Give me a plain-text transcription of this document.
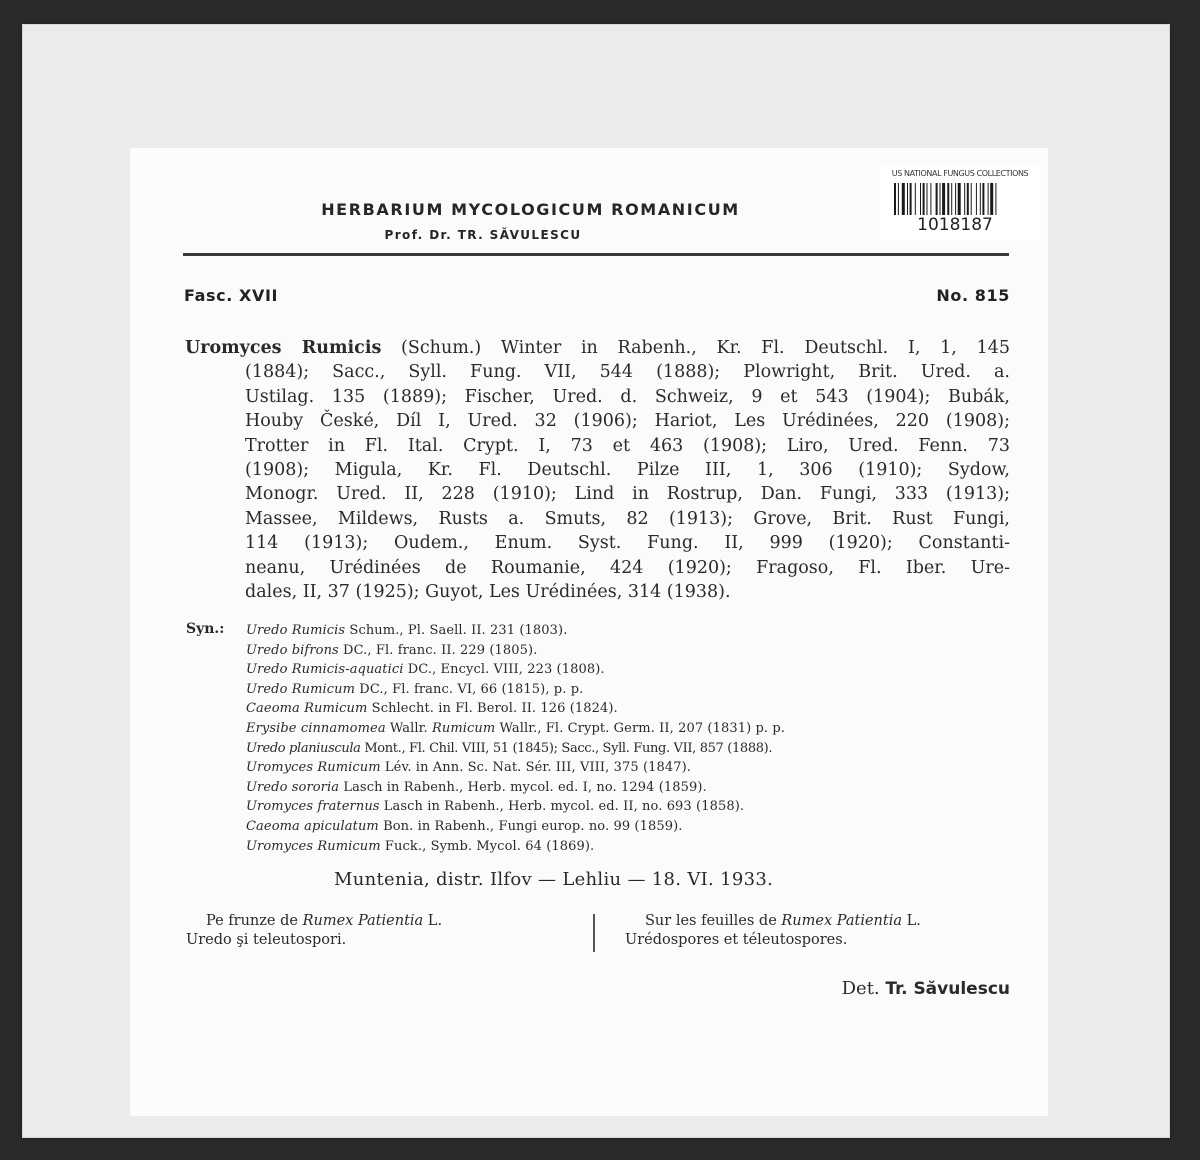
US NATIONAL FUNGUS COLLECTIONS
1018187
HERBARIUM MYCOLOGICUM ROMANICUM
Prof. Dr. TR. SĂVULESCU
Fasc. XVII	No. 815
Uromyces Rumicis (Schum.) Winter in Rabenh., Kr. Fl. Deutschl. I, 1, 145
(1884); Sacc., Syll. Fung. VII, 544 (1888); Plowright, Brit. Ured. a.
Ustilag. 135 (1889); Fischer, Ured. d. Schweiz, 9 et 543 (1904); Bubák,
Houby České, Díl I, Ured. 32 (1906); Hariot, Les Urédinées, 220 (1908);
Trotter in Fl. Ital. Crypt. I, 73 et 463 (1908); Liro, Ured. Fenn. 73
(1908); Migula, Kr. Fl. Deutschl. Pilze III, 1, 306 (1910); Sydow,
Monogr. Ured. II, 228 (1910); Lind in Rostrup, Dan. Fungi, 333 (1913);
Massee, Mildews, Rusts a. Smuts, 82 (1913); Grove, Brit. Rust Fungi,
114 (1913); Oudem., Enum. Syst. Fung. II, 999 (1920); Constanti-
neanu, Urédinées de Roumanie, 424 (1920); Fragoso, Fl. Iber. Ure-
dales, II, 37 (1925); Guyot, Les Urédinées, 314 (1938).
Syn.: Uredo Rumicis Schum., Pl. Saell. II. 231 (1803).
Uredo bifrons DC., Fl. franc. II. 229 (1805).
Uredo Rumicis-aquatici DC., Encycl. VIII, 223 (1808).
Uredo Rumicum DC., Fl. franc. VI, 66 (1815), p. p.
Caeoma Rumicum Schlecht. in Fl. Berol. II. 126 (1824).
Erysibe cinnamomea Wallr. Rumicum Wallr., Fl. Crypt. Germ. II, 207 (1831) p. p.
Uredo planiuscula Mont., Fl. Chil. VIII, 51 (1845); Sacc., Syll. Fung. VII, 857 (1888).
Uromyces Rumicum Lév. in Ann. Sc. Nat. Sér. III, VIII, 375 (1847).
Uredo sororia Lasch in Rabenh., Herb. mycol. ed. I, no. 1294 (1859).
Uromyces fraternus Lasch in Rabenh., Herb. mycol. ed. II, no. 693 (1858).
Caeoma apiculatum Bon. in Rabenh., Fungi europ. no. 99 (1859).
Uromyces Rumicum Fuck., Symb. Mycol. 64 (1869).
Muntenia, distr. Ilfov — Lehliu — 18. VI. 1933.
Pe frunze de Rumex Patientia L.
Uredo şi teleutospori.
Sur les feuilles de Rumex Patientia L.
Urédospores et téleutospores.
Det. Tr. Săvulescu
